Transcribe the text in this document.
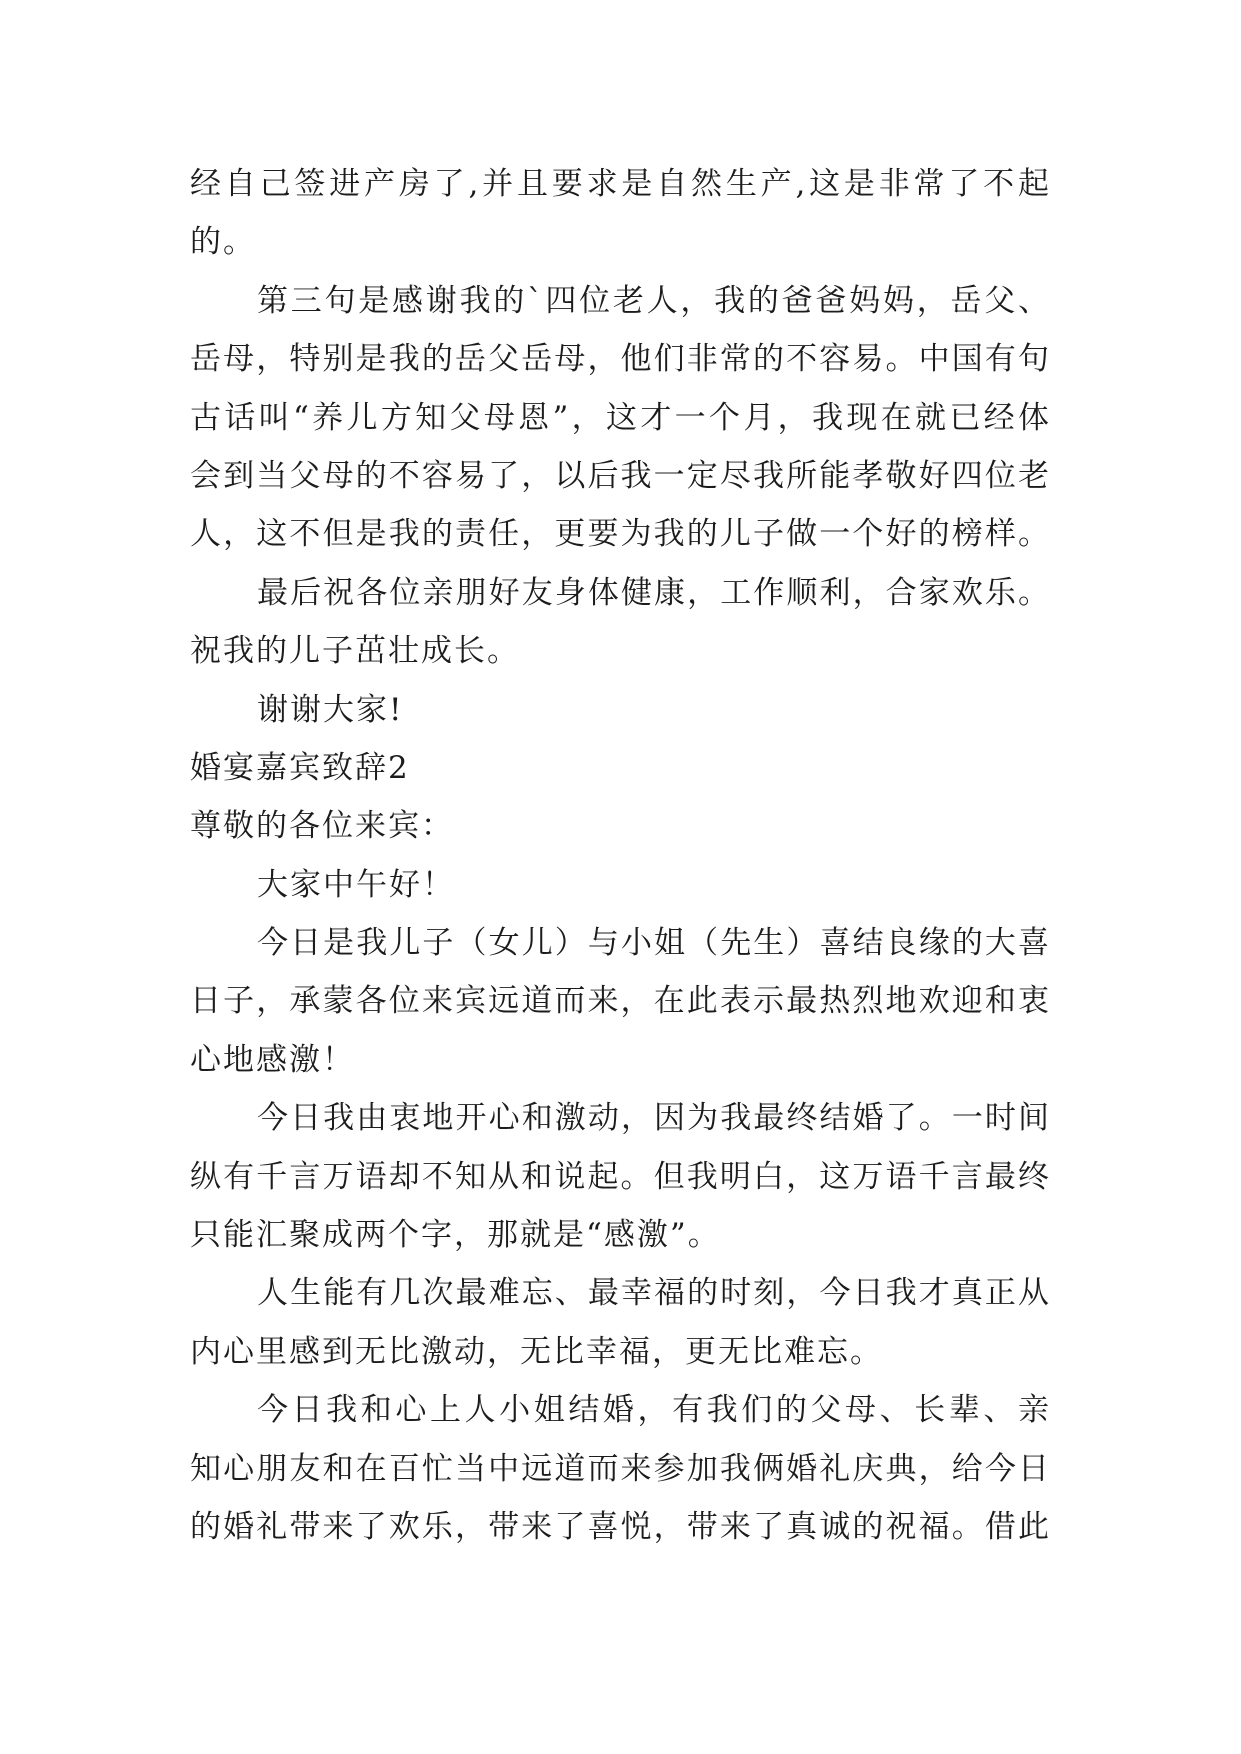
经自己签进产房了,并且要求是自然生产,这是非常了不起
的。
第三句是感谢我的`四位老人，我的爸爸妈妈，岳父、
岳母，特别是我的岳父岳母，他们非常的不容易。中国有句
古话叫“养儿方知父母恩”，这才一个月，我现在就已经体
会到当父母的不容易了，以后我一定尽我所能孝敬好四位老
人，这不但是我的责任，更要为我的儿子做一个好的榜样。
最后祝各位亲朋好友身体健康，工作顺利，合家欢乐。
祝我的儿子茁壮成长。
谢谢大家!
婚宴嘉宾致辞2
尊敬的各位来宾：
大家中午好！
今日是我儿子（女儿）与小姐（先生）喜结良缘的大喜
日子，承蒙各位来宾远道而来，在此表示最热烈地欢迎和衷
心地感激！
今日我由衷地开心和激动，因为我最终结婚了。一时间
纵有千言万语却不知从和说起。但我明白，这万语千言最终
只能汇聚成两个字，那就是“感激”。
人生能有几次最难忘、最幸福的时刻，今日我才真正从
内心里感到无比激动，无比幸福，更无比难忘。
今日我和心上人小姐结婚，有我们的父母、长辈、亲
知心朋友和在百忙当中远道而来参加我俩婚礼庆典，给今日
的婚礼带来了欢乐，带来了喜悦，带来了真诚的祝福。借此
